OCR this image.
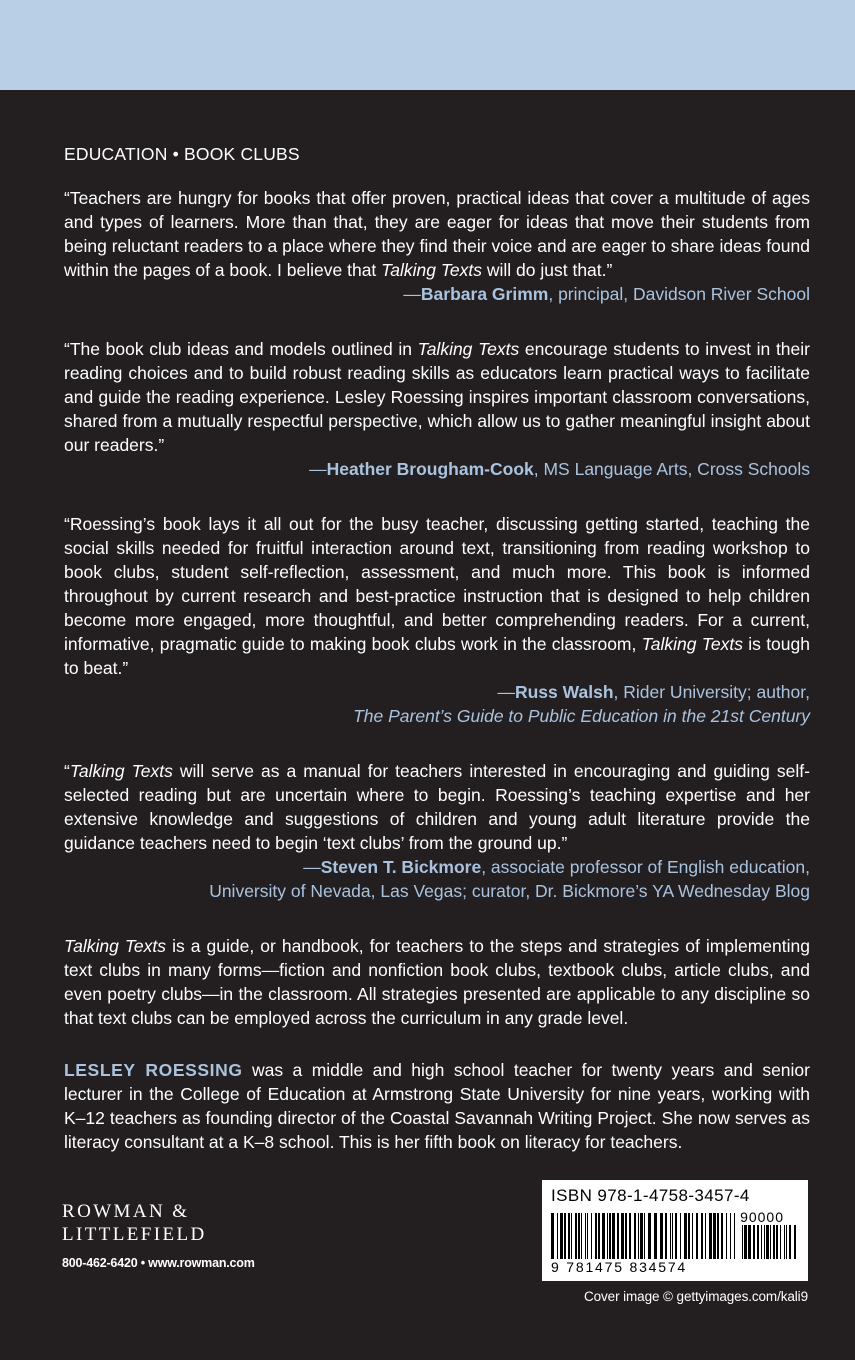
EDUCATION • BOOK CLUBS

“Teachers are hungry for books that offer proven, practical ideas that cover a multitude of ages and types of learners. More than that, they are eager for ideas that move their students from being reluctant readers to a place where they find their voice and are eager to share ideas found within the pages of a book. I believe that Talking Texts will do just that.”

—Barbara Grimm, principal, Davidson River School

“The book club ideas and models outlined in Talking Texts encourage students to invest in their reading choices and to build robust reading skills as educators learn practical ways to facilitate and guide the reading experience. Lesley Roessing inspires important classroom conversations, shared from a mutually respectful perspective, which allow us to gather meaningful insight about our readers.”

—Heather Brougham-Cook, MS Language Arts, Cross Schools

“Roessing’s book lays it all out for the busy teacher, discussing getting started, teaching the social skills needed for fruitful interaction around text, transitioning from reading workshop to book clubs, student self-reflection, assessment, and much more. This book is informed throughout by current research and best-practice instruction that is designed to help children become more engaged, more thoughtful, and better comprehending readers. For a current, informative, pragmatic guide to making book clubs work in the classroom, Talking Texts is tough to beat.”

—Russ Walsh, Rider University; author,
The Parent’s Guide to Public Education in the 21st Century

“Talking Texts will serve as a manual for teachers interested in encouraging and guiding self-selected reading but are uncertain where to begin. Roessing’s teaching expertise and her extensive knowledge and suggestions of children and young adult literature provide the guidance teachers need to begin ‘text clubs’ from the ground up.”

—Steven T. Bickmore, associate professor of English education,
University of Nevada, Las Vegas; curator, Dr. Bickmore’s YA Wednesday Blog

Talking Texts is a guide, or handbook, for teachers to the steps and strategies of implementing text clubs in many forms—fiction and nonfiction book clubs, textbook clubs, article clubs, and even poetry clubs—in the classroom. All strategies presented are applicable to any discipline so that text clubs can be employed across the curriculum in any grade level.

LESLEY ROESSING was a middle and high school teacher for twenty years and senior lecturer in the College of Education at Armstrong State University for nine years, working with K–12 teachers as founding director of the Coastal Savannah Writing Project. She now serves as literacy consultant at a K–8 school. This is her fifth book on literacy for teachers.

ROWMAN &
LITTLEFIELD
800-462-6420 • www.rowman.com
ISBN 978-1-4758-3457-4
90000
9 781475 834574
Cover image © gettyimages.com/kali9
